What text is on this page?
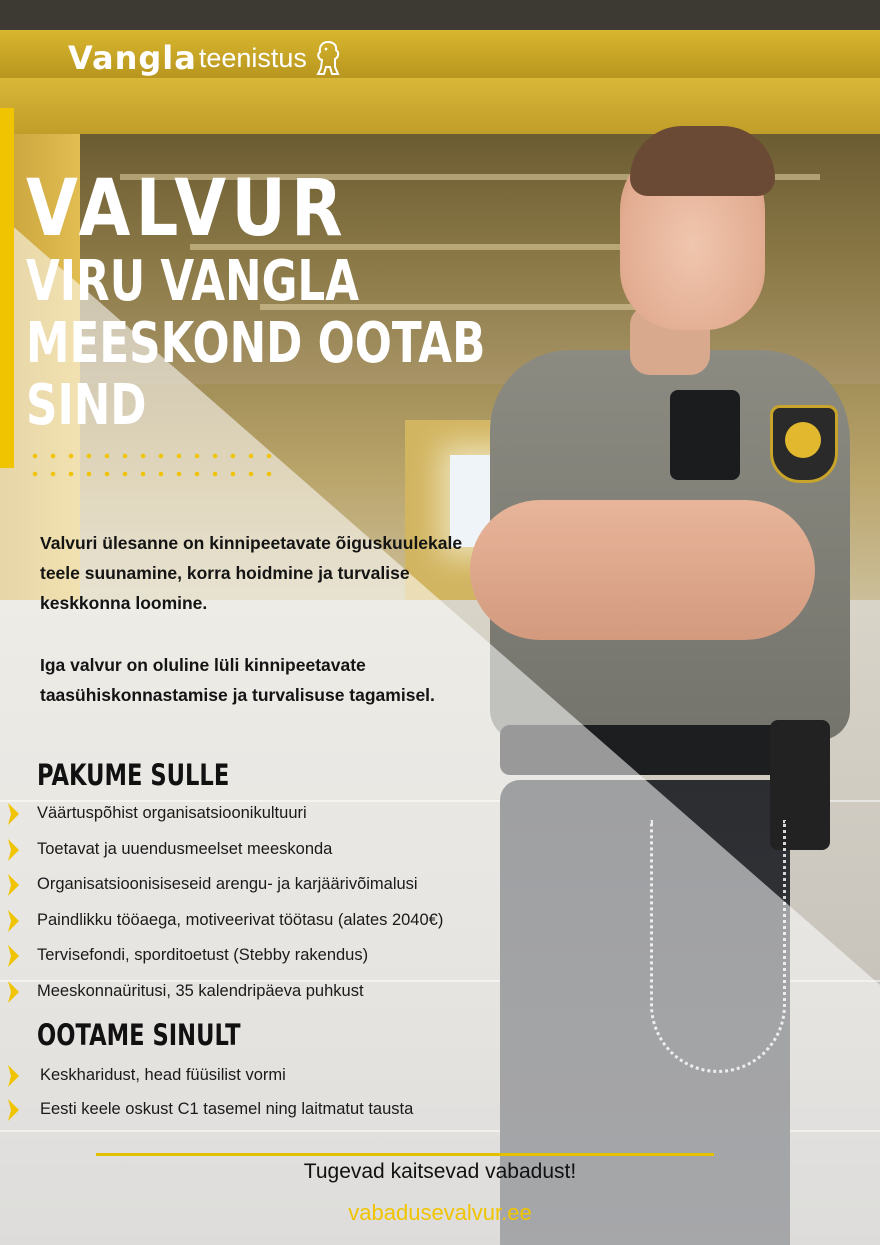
Vangla teenistus
VALVUR
VIRU VANGLA
MEESKOND OOTAB
SIND

Valvuri ülesanne on kinnipeetavate õiguskuulekale teele suunamine, korra hoidmine ja turvalise keskkonna loomine.

Iga valvur on oluline lüli kinnipeetavate taasühiskonnastamise ja turvalisuse tagamisel.

PAKUME SULLE
Väärtuspõhist organisatsioonikultuuri
Toetavat ja uuendusmeelset meeskonda
Organisatsioonisiseseid arengu- ja karjäärivõimalusi
Paindlikku tööaega, motiveerivat töötasu (alates 2040€)
Tervisefondi, sporditoetust (Stebby rakendus)
Meeskonnaüritusi, 35 kalendripäeva puhkust
OOTAME SINULT
Keskharidust, head füüsilist vormi
Eesti keele oskust C1 tasemel ning laitmatut tausta
Tugevad kaitsevad vabadust!
vabadusevalvur.ee
